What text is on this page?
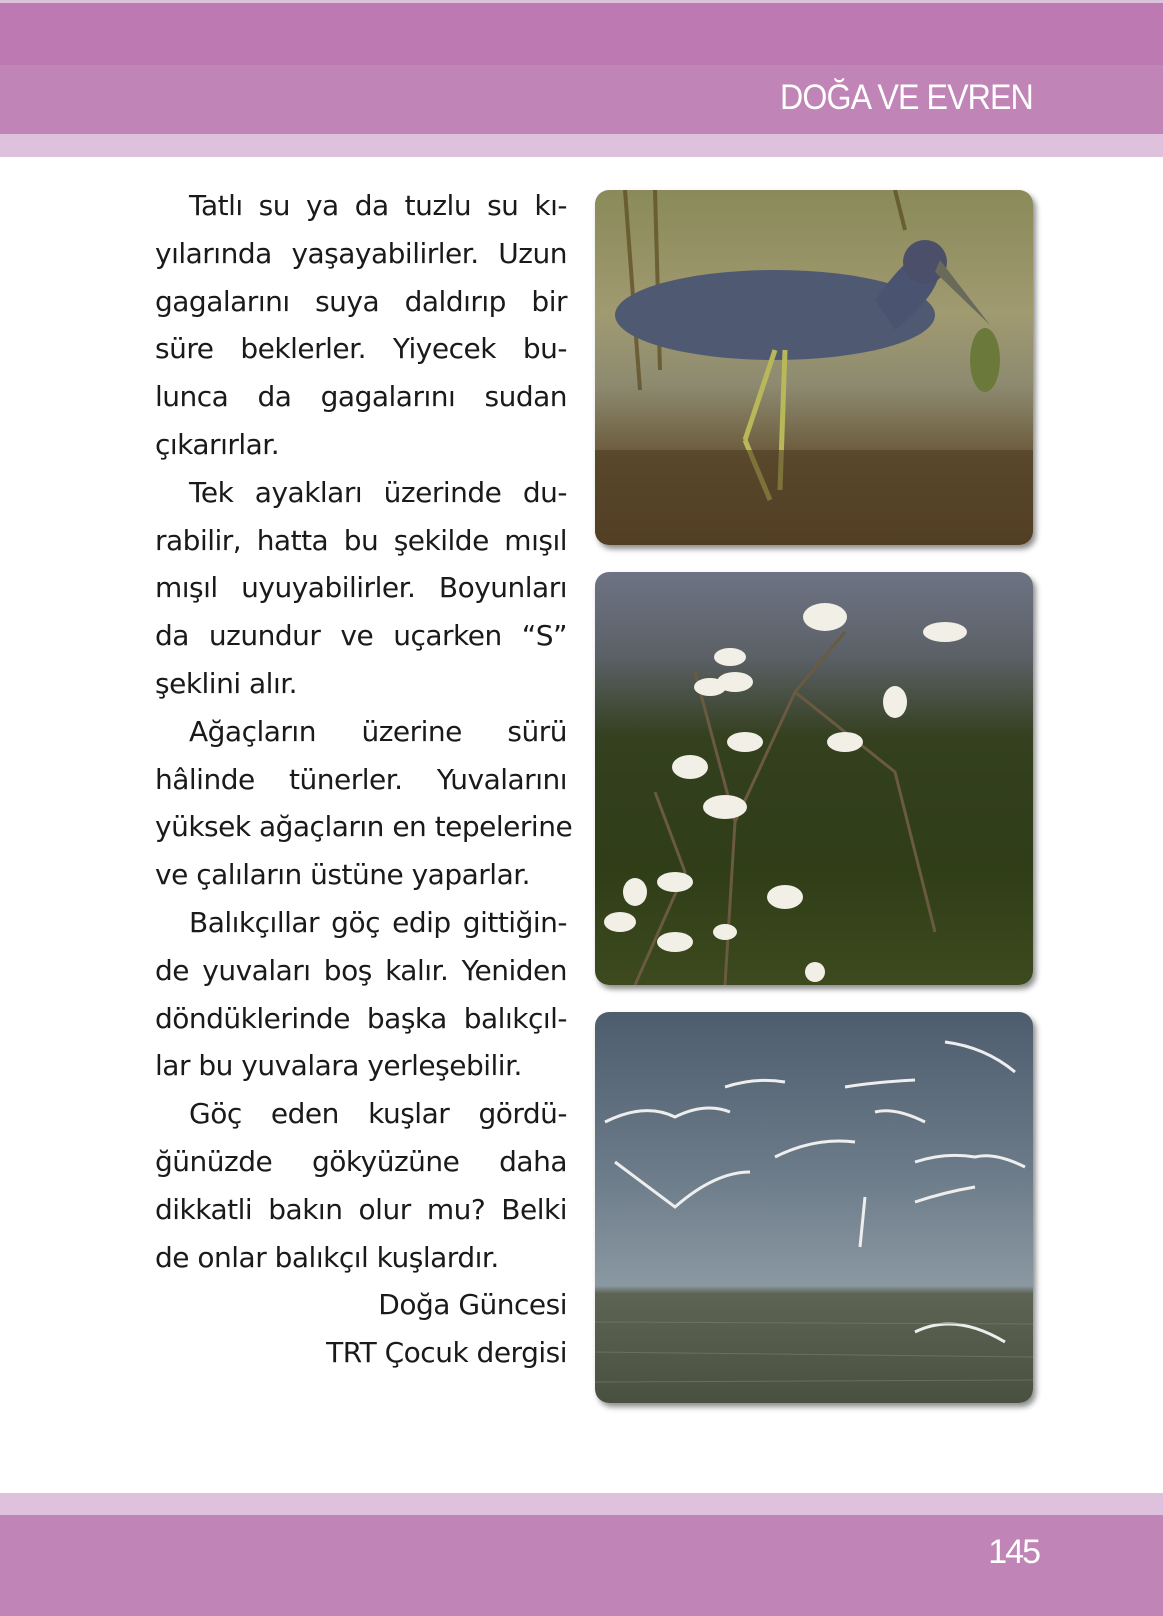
DOĞA VE EVREN
Tatlı su ya da tuzlu su kı-
yılarında yaşayabilirler. Uzun
gagalarını suya daldırıp bir
süre beklerler. Yiyecek bu-
lunca da gagalarını sudan
çıkarırlar.
Tek ayakları üzerinde du-
rabilir, hatta bu şekilde mışıl
mışıl uyuyabilirler. Boyunları
da uzundur ve uçarken “S”
şeklini alır.
Ağaçların üzerine sürü
hâlinde tünerler. Yuvalarını
yüksek ağaçların en tepelerine
ve çalıların üstüne yaparlar.
Balıkçıllar göç edip gittiğin-
de yuvaları boş kalır. Yeniden
döndüklerinde başka balıkçıl-
lar bu yuvalara yerleşebilir.
Göç eden kuşlar gördü-
ğünüzde gökyüzüne daha
dikkatli bakın olur mu? Belki
de onlar balıkçıl kuşlardır.
Doğa Güncesi
TRT Çocuk dergisi
145
